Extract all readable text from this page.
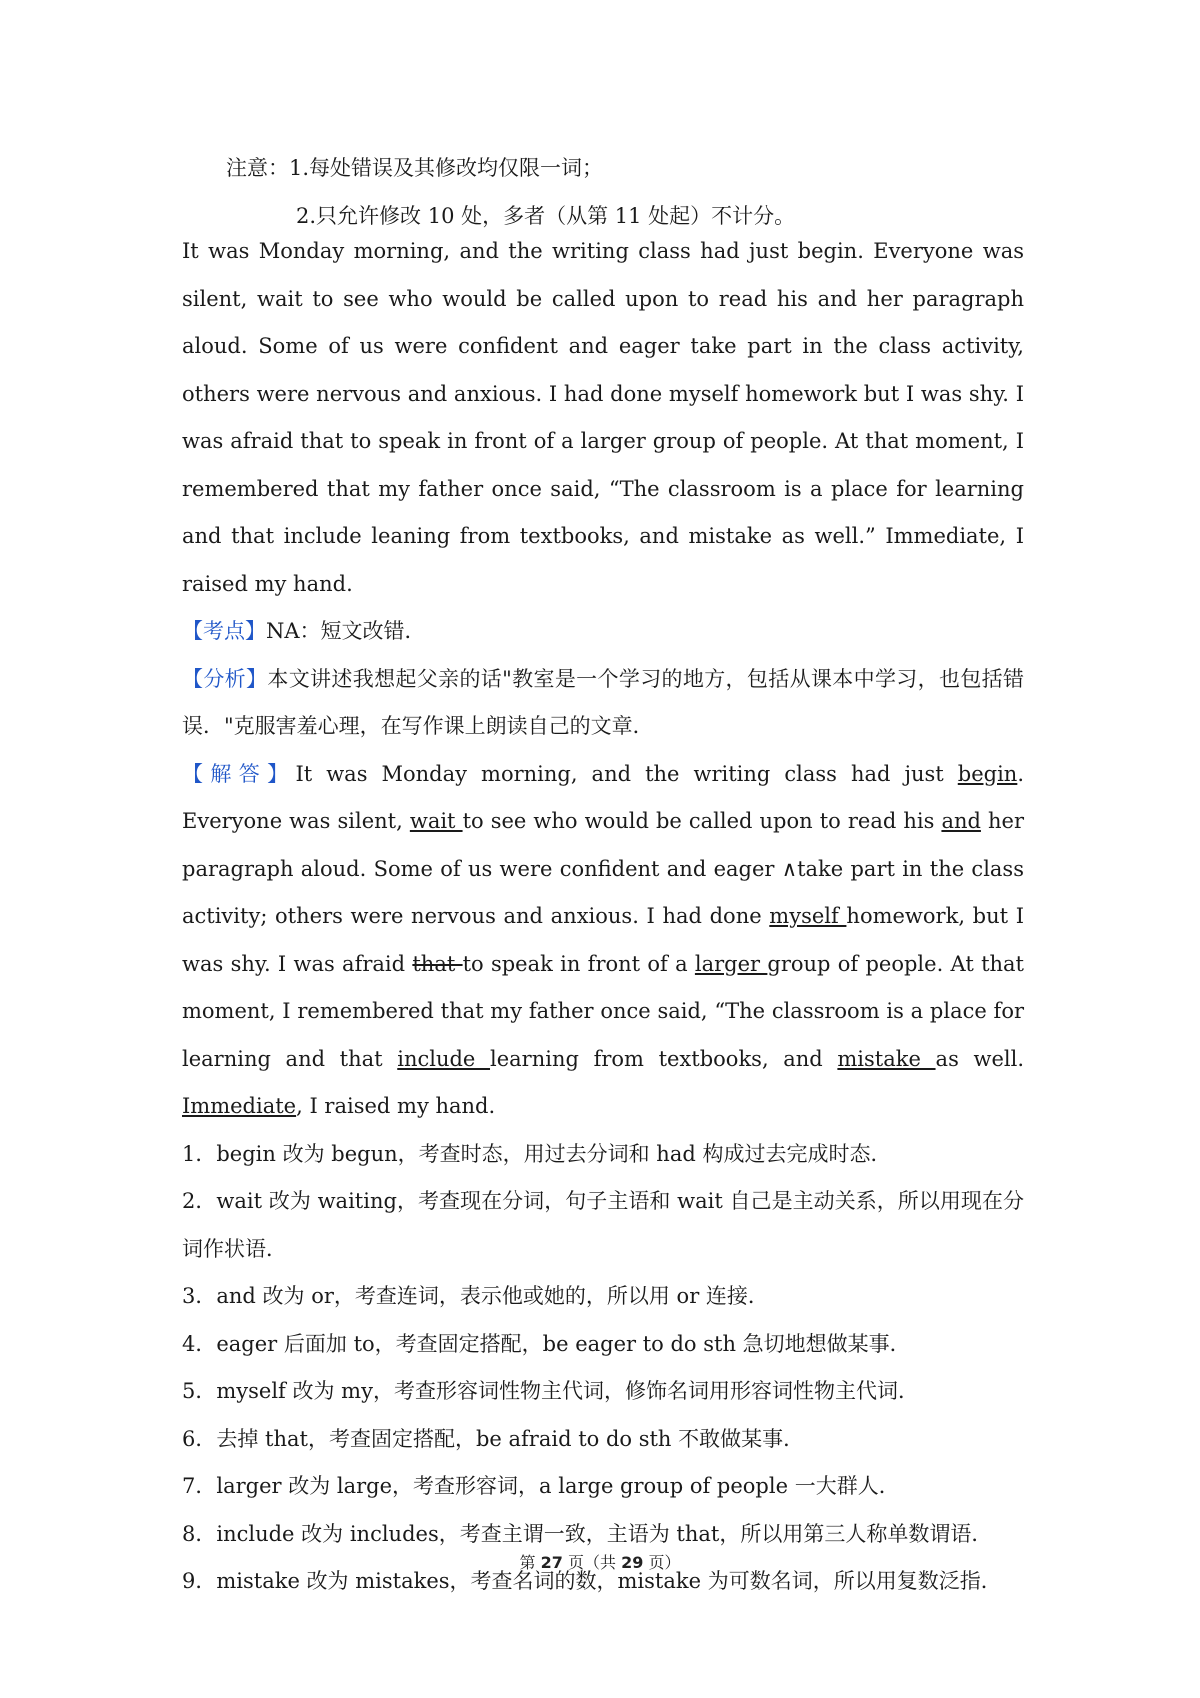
注意：1.每处错误及其修改均仅限一词；
2.只允许修改 10 处，多者（从第 11 处起）不计分。

It was Monday morning, and the writing class had just begin. Everyone was silent, wait to see who would be called upon to read his and her paragraph aloud. Some of us were confident and eager take part in the class activity, others were nervous and anxious. I had done myself homework but I was shy. I was afraid that to speak in front of a larger group of people. At that moment, I remembered that my father once said, “The classroom is a place for learning and that include leaning from textbooks, and mistake as well.” Immediate, I raised my hand.

【考点】NA：短文改错．

【分析】本文讲述我想起父亲的话"教室是一个学习的地方，包括从课本中学习，也包括错误．"克服害羞心理，在写作课上朗读自己的文章．

【解答】It was Monday morning, and the writing class had just begin. Everyone was silent, wait to see who would be called upon to read his and her paragraph aloud. Some of us were confident and eager ∧take part in the class activity; others were nervous and anxious. I had done myself homework, but I was shy. I was afraid that to speak in front of a larger group of people. At that moment, I remembered that my father once said, “The classroom is a place for learning and that include learning from textbooks, and mistake as well. Immediate, I raised my hand.

1．begin 改为 begun，考查时态，用过去分词和 had 构成过去完成时态．

2．wait 改为 waiting，考查现在分词，句子主语和 wait 自己是主动关系，所以用现在分词作状语．

3．and 改为 or，考查连词，表示他或她的，所以用 or 连接．

4．eager 后面加 to，考查固定搭配，be eager to do sth 急切地想做某事．

5．myself 改为 my，考查形容词性物主代词，修饰名词用形容词性物主代词．

6．去掉 that，考查固定搭配，be afraid to do sth 不敢做某事．

7．larger 改为 large，考查形容词，a large group of people 一大群人．

8．include 改为 includes，考查主谓一致，主语为 that，所以用第三人称单数谓语．

9．mistake 改为 mistakes，考查名词的数，mistake 为可数名词，所以用复数泛指．

第 27 页（共 29 页）
